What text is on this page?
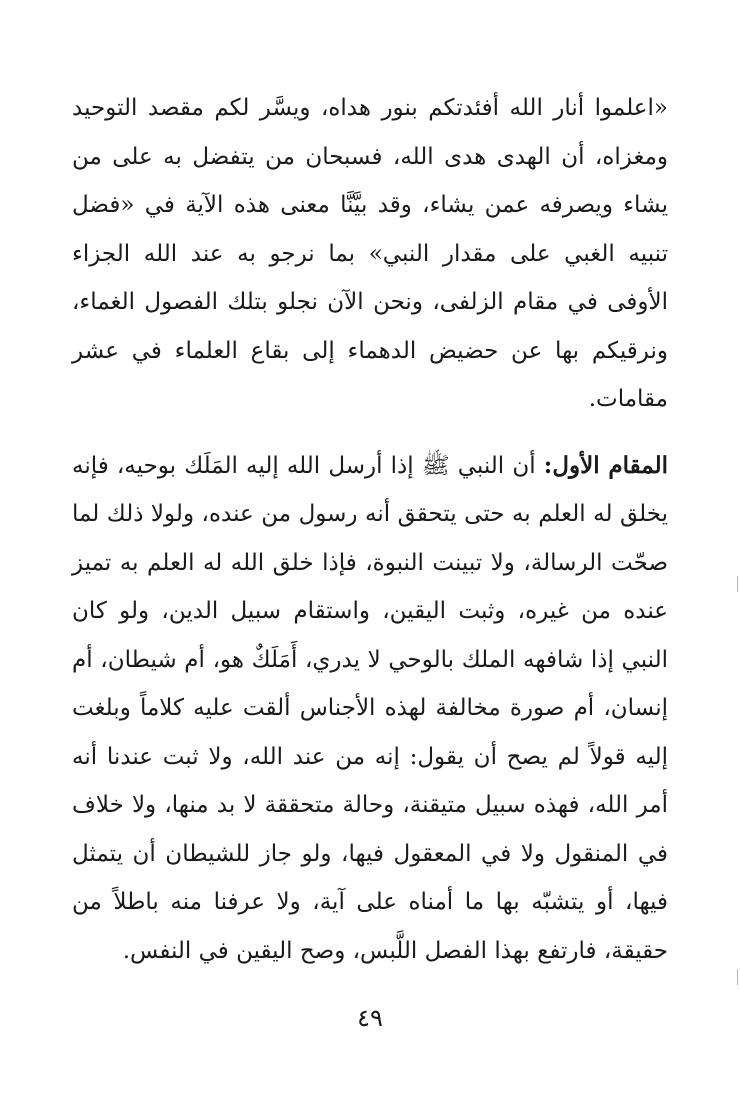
«اعلموا أنار الله أفئدتكم بنور هداه، ويسَّر لكم مقصد التوحيد ومغزاه، أن الهدى هدى الله، فسبحان من يتفضل به على من يشاء ويصرفه عمن يشاء، وقد بيَّنَّا معنى هذه الآية في «فضل تنبيه الغبي على مقدار النبي» بما نرجو به عند الله الجزاء الأوفى في مقام الزلفى، ونحن الآن نجلو بتلك الفصول الغماء، ونرقيكم بها عن حضيض الدهماء إلى بقاع العلماء في عشر مقامات.

المقام الأول: أن النبي ﷺ إذا أرسل الله إليه المَلَك بوحيه، فإنه يخلق له العلم به حتى يتحقق أنه رسول من عنده، ولولا ذلك لما صحّت الرسالة، ولا تبينت النبوة، فإذا خلق الله له العلم به تميز عنده من غيره، وثبت اليقين، واستقام سبيل الدين، ولو كان النبي إذا شافهه الملك بالوحي لا يدري، أَمَلَكٌ هو، أم شيطان، أم إنسان، أم صورة مخالفة لهذه الأجناس ألقت عليه كلاماً وبلغت إليه قولاً لم يصح أن يقول: إنه من عند الله، ولا ثبت عندنا أنه أمر الله، فهذه سبيل متيقنة، وحالة متحققة لا بد منها، ولا خلاف في المنقول ولا في المعقول فيها، ولو جاز للشيطان أن يتمثل فيها، أو يتشبّه بها ما أمناه على آية، ولا عرفنا منه باطلاً من حقيقة، فارتفع بهذا الفصل اللَّبس، وصح اليقين في النفس.

٤٩
